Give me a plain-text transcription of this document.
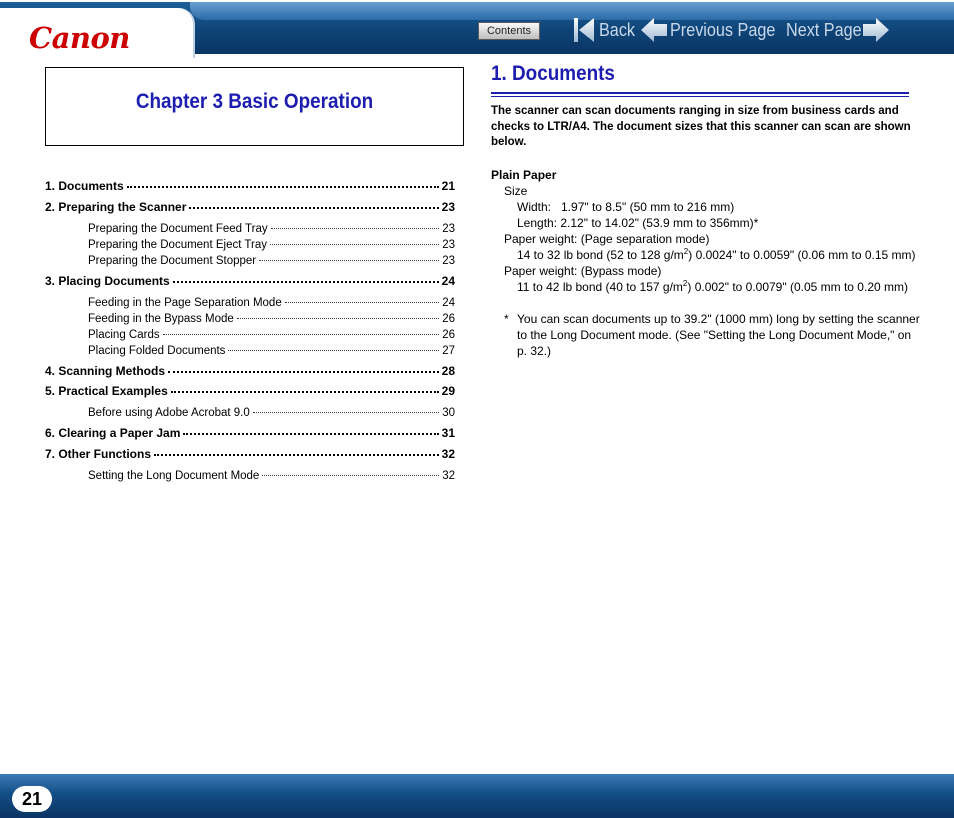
Canon	Contents	Back Previous Page Next Page
Chapter 3 Basic Operation
1. Documents	21
2. Preparing the Scanner	23
Preparing the Document Feed Tray	23
Preparing the Document Eject Tray	23
Preparing the Document Stopper	23
3. Placing Documents	24
Feeding in the Page Separation Mode	24
Feeding in the Bypass Mode	26
Placing Cards	26
Placing Folded Documents	27
4. Scanning Methods	28
5. Practical Examples	29
Before using Adobe Acrobat 9.0	30
6. Clearing a Paper Jam	31
7. Other Functions	32
Setting the Long Document Mode	32
1. Documents
The scanner can scan documents ranging in size from business cards and checks to LTR/A4. The document sizes that this scanner can scan are shown below.
Plain Paper
Size
Width:   1.97" to 8.5" (50 mm to 216 mm)
Length: 2.12" to 14.02" (53.9 mm to 356mm)*
Paper weight: (Page separation mode)
14 to 32 lb bond (52 to 128 $g/m^2$) 0.0024" to 0.0059" (0.06 mm to 0.15 mm)
Paper weight: (Bypass mode)
11 to 42 lb bond (40 to 157 $g/m^2$) 0.002" to 0.0079" (0.05 mm to 0.20 mm)
* You can scan documents up to 39.2" (1000 mm) long by setting the scanner
to the Long Document mode. (See "Setting the Long Document Mode," on
p. 32.)
21
